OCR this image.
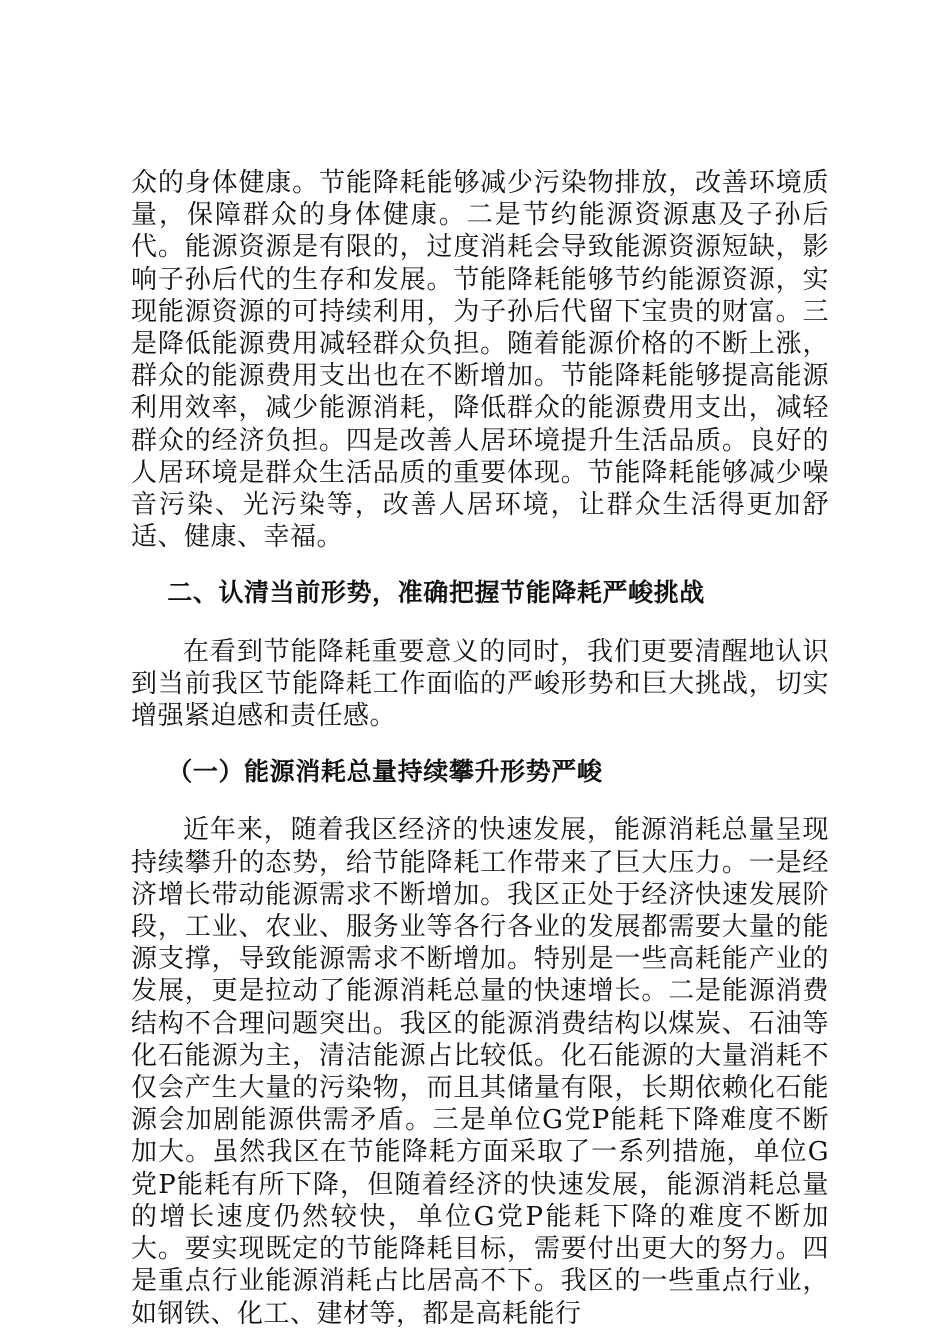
众的身体健康。节能降耗能够减少污染物排放，改善环境质量，保障群众的身体健康。二是节约能源资源惠及子孙后代。能源资源是有限的，过度消耗会导致能源资源短缺，影响子孙后代的生存和发展。节能降耗能够节约能源资源，实现能源资源的可持续利用，为子孙后代留下宝贵的财富。三是降低能源费用减轻群众负担。随着能源价格的不断上涨，群众的能源费用支出也在不断增加。节能降耗能够提高能源利用效率，减少能源消耗，降低群众的能源费用支出，减轻群众的经济负担。四是改善人居环境提升生活品质。良好的人居环境是群众生活品质的重要体现。节能降耗能够减少噪音污染、光污染等，改善人居环境，让群众生活得更加舒适、健康、幸福。

二、认清当前形势，准确把握节能降耗严峻挑战

在看到节能降耗重要意义的同时，我们更要清醒地认识到当前我区节能降耗工作面临的严峻形势和巨大挑战，切实增强紧迫感和责任感。

（一）能源消耗总量持续攀升形势严峻

近年来，随着我区经济的快速发展，能源消耗总量呈现持续攀升的态势，给节能降耗工作带来了巨大压力。一是经济增长带动能源需求不断增加。我区正处于经济快速发展阶段，工业、农业、服务业等各行各业的发展都需要大量的能源支撑，导致能源需求不断增加。特别是一些高耗能产业的发展，更是拉动了能源消耗总量的快速增长。二是能源消费结构不合理问题突出。我区的能源消费结构以煤炭、石油等化石能源为主，清洁能源占比较低。化石能源的大量消耗不仅会产生大量的污染物，而且其储量有限，长期依赖化石能源会加剧能源供需矛盾。三是单位G党P能耗下降难度不断加大。虽然我区在节能降耗方面采取了一系列措施，单位G党P能耗有所下降，但随着经济的快速发展，能源消耗总量的增长速度仍然较快，单位G党P能耗下降的难度不断加大。要实现既定的节能降耗目标，需要付出更大的努力。四是重点行业能源消耗占比居高不下。我区的一些重点行业，如钢铁、化工、建材等，都是高耗能行
